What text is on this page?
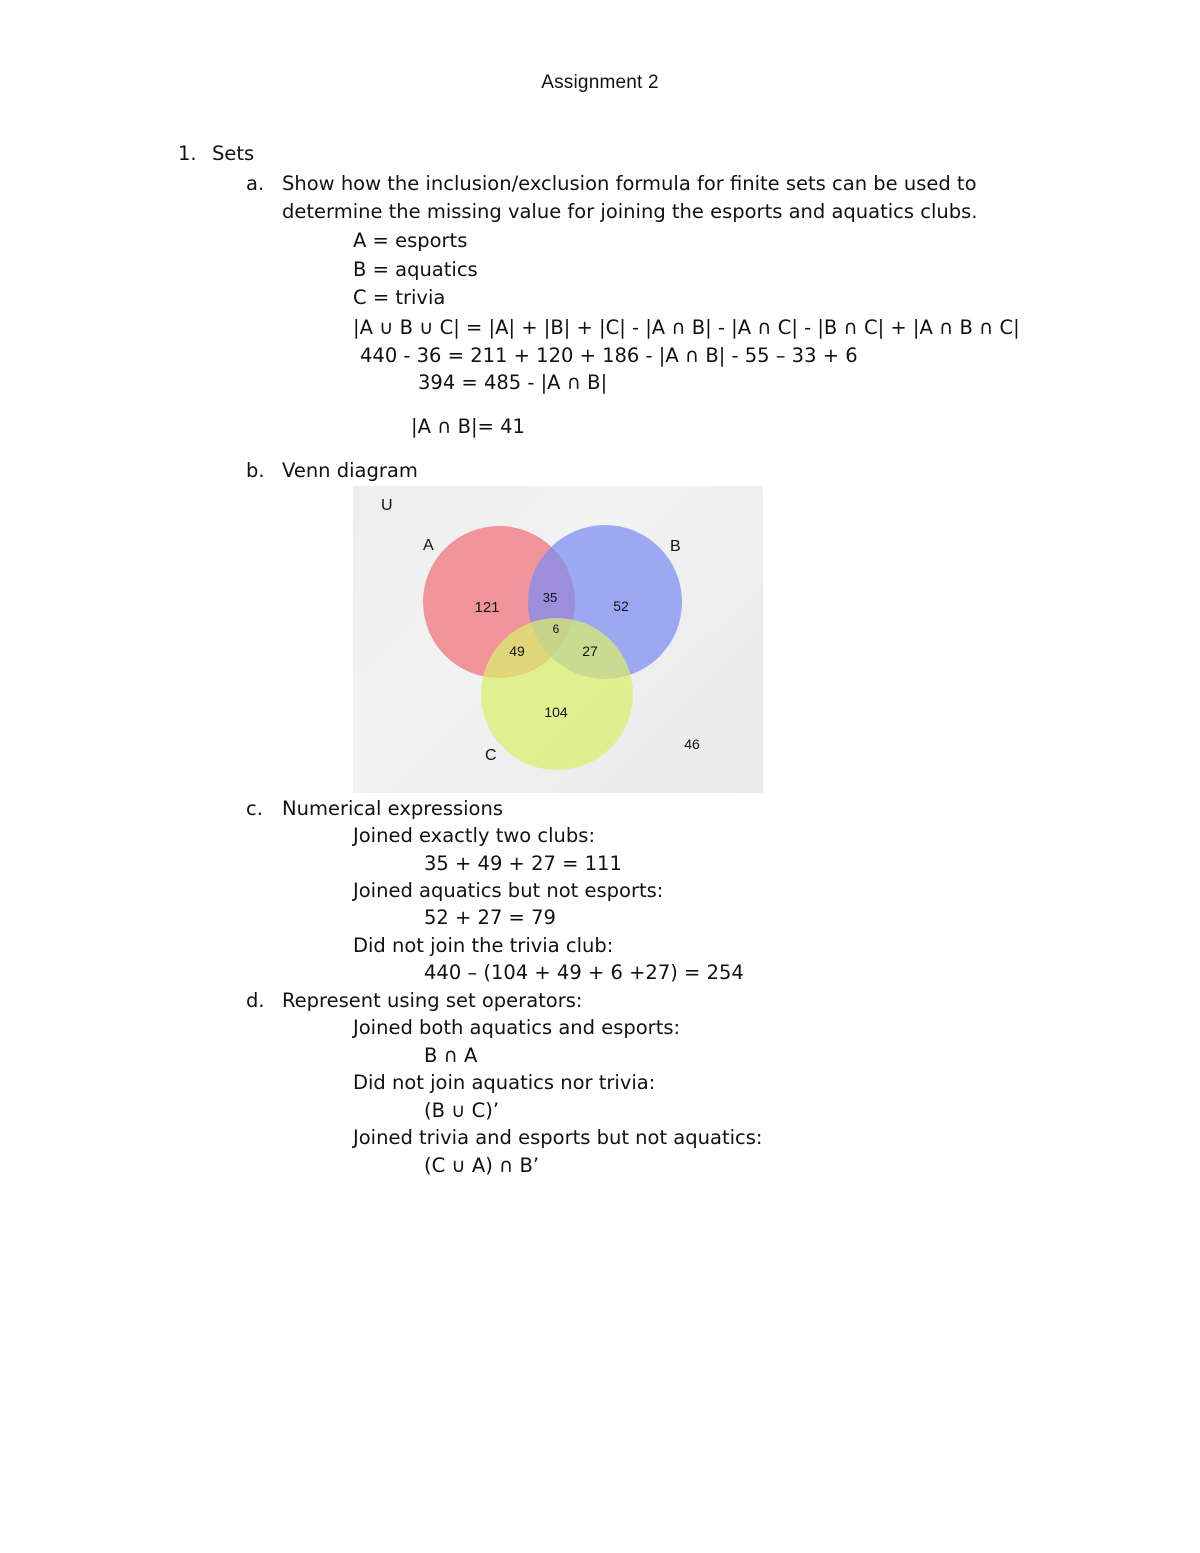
Assignment 2
1. Sets
a. Show how the inclusion/exclusion formula for finite sets can be used to
determine the missing value for joining the esports and aquatics clubs.
A = esports
B = aquatics
C = trivia
|A ∪ B ∪ C| = |A| + |B| + |C| - |A ∩ B| - |A ∩ C| - |B ∩ C| + |A ∩ B ∩ C|
440 - 36 = 211 + 120 + 186 - |A ∩ B| - 55 – 33 + 6
394 = 485 - |A ∩ B|
|A ∩ B|= 41
b. Venn diagram
U
A	B
C
121
35
52
6
49	27
104
46
c. Numerical expressions
Joined exactly two clubs:
35 + 49 + 27 = 111
Joined aquatics but not esports:
52 + 27 = 79
Did not join the trivia club:
440 – (104 + 49 + 6 +27) = 254
d. Represent using set operators:
Joined both aquatics and esports:
B ∩ A
Did not join aquatics nor trivia:
(B ∪ C)’
Joined trivia and esports but not aquatics:
(C ∪ A) ∩ B’
